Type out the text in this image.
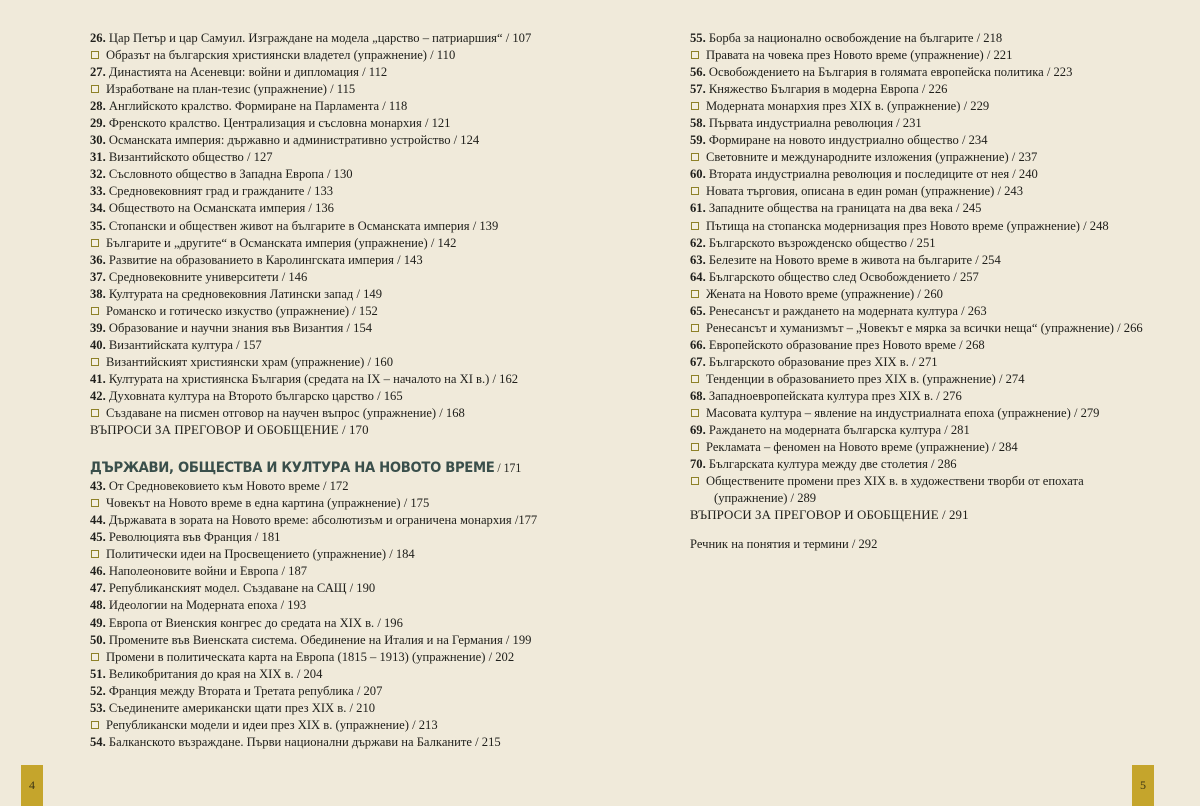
26. Цар Петър и цар Самуил. Изграждане на модела „царство – патриаршия“ / 107
Образът на българския християнски владетел (упражнение) / 110
27. Династията на Асеневци: войни и дипломация / 112
Изработване на план-тезис (упражнение) / 115
28. Английското кралство. Формиране на Парламента / 118
29. Френското кралство. Централизация и съсловна монархия / 121
30. Османската империя: държавно и административно устройство / 124
31. Византийското общество / 127
32. Съсловното общество в Западна Европа / 130
33. Средновековният град и гражданите / 133
34. Обществото на Османската империя / 136
35. Стопански и обществен живот на българите в Османската империя / 139
Българите и „другите“ в Османската империя (упражнение) / 142
36. Развитие на образованието в Каролингската империя / 143
37. Средновековните университети / 146
38. Културата на средновековния Латински запад / 149
Романско и готическо изкуство (упражнение) / 152
39. Образование и научни знания във Византия / 154
40. Византийската култура / 157
Византийският християнски храм (упражнение) / 160
41. Културата на християнска България (средата на IX – началото на XI в.) / 162
42. Духовната култура на Второто българско царство / 165
Създаване на писмен отговор на научен въпрос (упражнение) / 168
ВЪПРОСИ ЗА ПРЕГОВОР И ОБОБЩЕНИЕ / 170
ДЪРЖАВИ, ОБЩЕСТВА И КУЛТУРА НА НОВОТО ВРЕМЕ / 171
43. От Средновековието към Новото време / 172
Човекът на Новото време в една картина (упражнение) / 175
44. Държавата в зората на Новото време: абсолютизъм и ограничена монархия /177
45. Революцията във Франция / 181
Политически идеи на Просвещението (упражнение) / 184
46. Наполеоновите войни и Европа / 187
47. Републиканският модел. Създаване на САЩ / 190
48. Идеологии на Модерната епоха / 193
49. Европа от Виенския конгрес до средата на XIX в. / 196
50. Промените във Виенската система. Обединение на Италия и на Германия / 199
Промени в политическата карта на Европа (1815 – 1913) (упражнение) / 202
51. Великобритания до края на XIX в. / 204
52. Франция между Втората и Третата република / 207
53. Съединените американски щати през XIX в. / 210
Републикански модели и идеи през XIX в. (упражнение) / 213
54. Балканското възраждане. Първи национални държави на Балканите / 215
4
55. Борба за национално освобождение на българите / 218
Правата на човека през Новото време (упражнение) / 221
56. Освобождението на България в голямата европейска политика / 223
57. Княжество България в модерна Европа / 226
Модерната монархия през XIX в. (упражнение) / 229
58. Първата индустриална революция / 231
59. Формиране на новото индустриално общество / 234
Световните и международните изложения (упражнение) / 237
60. Втората индустриална революция и последиците от нея / 240
Новата търговия, описана в един роман (упражнение) / 243
61. Западните общества на границата на два века / 245
Пътища на стопанска модернизация през Новото време (упражнение) / 248
62. Българското възрожденско общество / 251
63. Белезите на Новото време в живота на българите / 254
64. Българското общество след Освобождението / 257
Жената на Новото време (упражнение) / 260
65. Ренесансът и раждането на модерната култура / 263
Ренесансът и хуманизмът – „Човекът е мярка за всички неща“ (упражнение) / 266
66. Европейското образование през Новото време / 268
67. Българското образование през XIX в. / 271
Тенденции в образованието през XIX в. (упражнение) / 274
68. Западноевропейската култура през XIX в. / 276
Масовата култура – явление на индустриалната епоха (упражнение) / 279
69. Раждането на модерната българска култура / 281
Рекламата – феномен на Новото време (упражнение) / 284
70. Българската култура между две столетия / 286
Обществените промени през XIX в. в художествени творби от епохата
(упражнение) / 289
ВЪПРОСИ ЗА ПРЕГОВОР И ОБОБЩЕНИЕ / 291
Речник на понятия и термини / 292
5
